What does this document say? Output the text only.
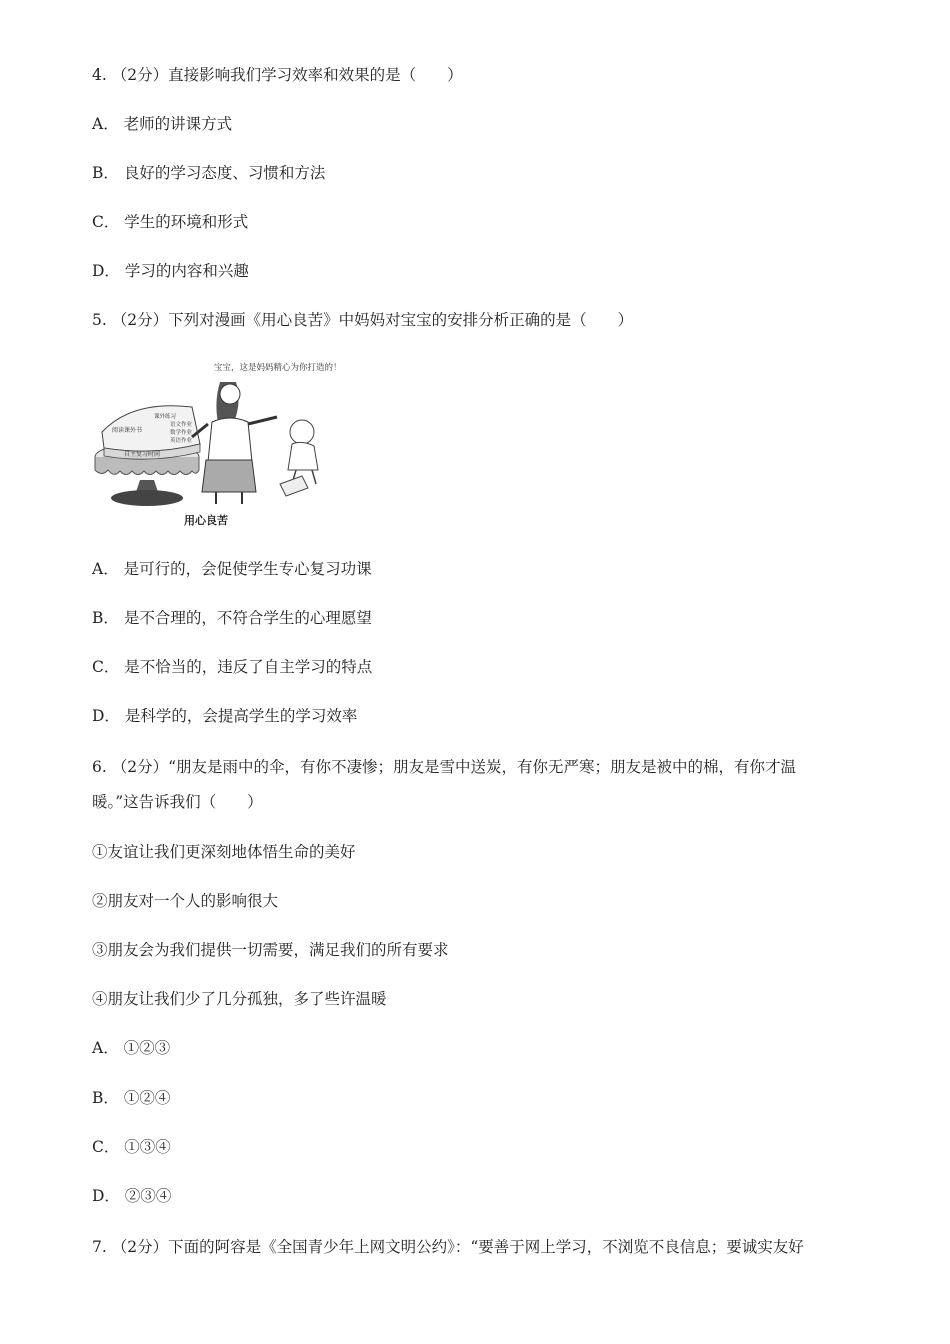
4. （2分）直接影响我们学习效率和效果的是（　　）
A． 老师的讲课方式
B． 良好的学习态度、习惯和方法
C． 学生的环境和形式
D． 学习的内容和兴趣
5. （2分）下列对漫画《用心良苦》中妈妈对宝宝的安排分析正确的是（　　）
宝宝，这是妈妈精心为你打造的！
阅读课外书
自主复习时间
课外练习
语文作业
数学作业
英语作业
用心良苦
A． 是可行的，会促使学生专心复习功课
B． 是不合理的，不符合学生的心理愿望
C． 是不恰当的，违反了自主学习的特点
D． 是科学的，会提高学生的学习效率
6. （2分）“朋友是雨中的伞，有你不凄惨；朋友是雪中送炭，有你无严寒；朋友是被中的棉，有你才温
暖。”这告诉我们（　　）
①友谊让我们更深刻地体悟生命的美好
②朋友对一个人的影响很大
③朋友会为我们提供一切需要，满足我们的所有要求
④朋友让我们少了几分孤独，多了些许温暖
A． ①②③
B． ①②④
C． ①③④
D． ②③④
7. （2分）下面的阿容是《全国青少年上网文明公约》：“要善于网上学习，不浏览不良信息；要诚实友好
